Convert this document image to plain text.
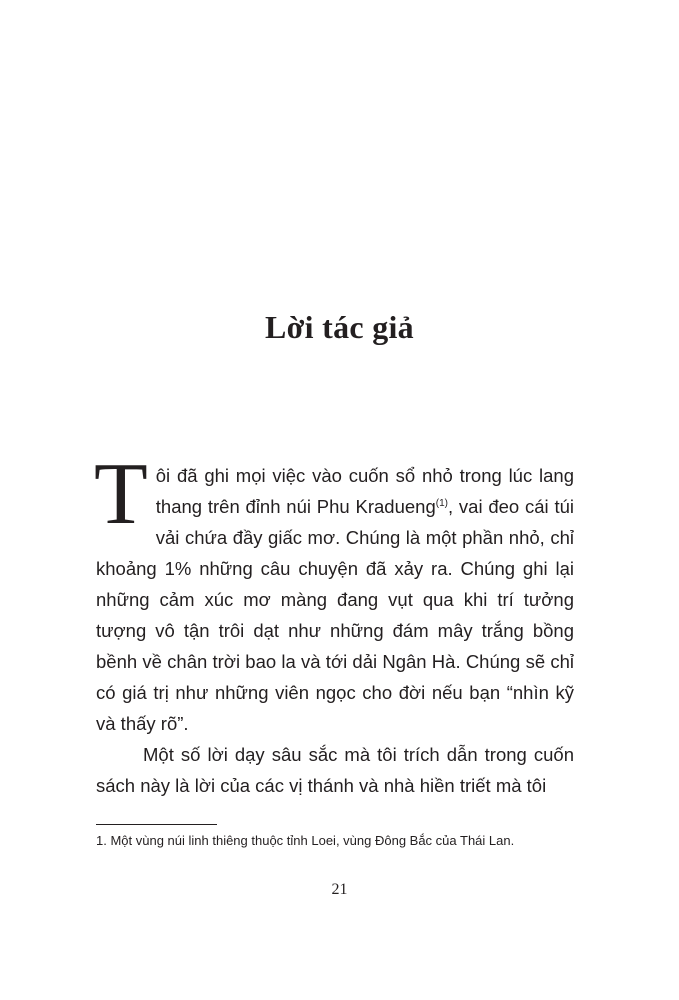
Lời tác giả

Tôi đã ghi mọi việc vào cuốn sổ nhỏ trong lúc lang thang trên đỉnh núi Phu Kradueng$^{(1)}$, vai đeo cái túi vải chứa đầy giấc mơ. Chúng là một phần nhỏ, chỉ khoảng 1% những câu chuyện đã xảy ra. Chúng ghi lại những cảm xúc mơ màng đang vụt qua khi trí tưởng tượng vô tận trôi dạt như những đám mây trắng bồng bềnh về chân trời bao la và tới dải Ngân Hà. Chúng sẽ chỉ có giá trị như những viên ngọc cho đời nếu bạn “nhìn kỹ và thấy rõ”.

Một số lời dạy sâu sắc mà tôi trích dẫn trong cuốn sách này là lời của các vị thánh và nhà hiền triết mà tôi

1. Một vùng núi linh thiêng thuộc tỉnh Loei, vùng Đông Bắc của Thái Lan.

21
